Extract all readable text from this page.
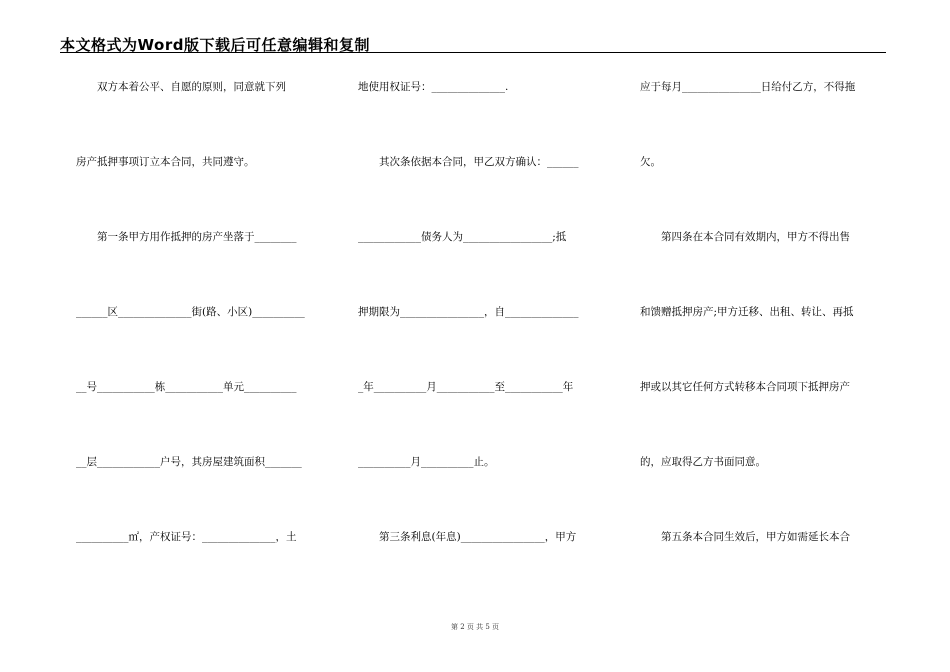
本文格式为Word版下载后可任意编辑和复制
　　双方本着公平、自愿的原则，同意就下列
房产抵押事项订立本合同，共同遵守。
　　第一条甲方用作抵押的房产坐落于________
______区______________街(路、小区)__________
__号___________栋___________单元__________
__层____________户号，其房屋建筑面积_______
__________㎡，产权证号：______________，土
地使用权证号：______________.
　　其次条依据本合同，甲乙双方确认：______
____________债务人为_________________;抵
押期限为________________，自______________
_年__________月___________至___________年
__________月__________止。
　　第三条利息(年息)________________，甲方
应于每月_______________日给付乙方，不得拖
欠。
　　第四条在本合同有效期内，甲方不得出售
和馈赠抵押房产;甲方迁移、出租、转让、再抵
押或以其它任何方式转移本合同项下抵押房产
的，应取得乙方书面同意。
　　第五条本合同生效后，甲方如需延长本合
第 2 页 共 5 页
